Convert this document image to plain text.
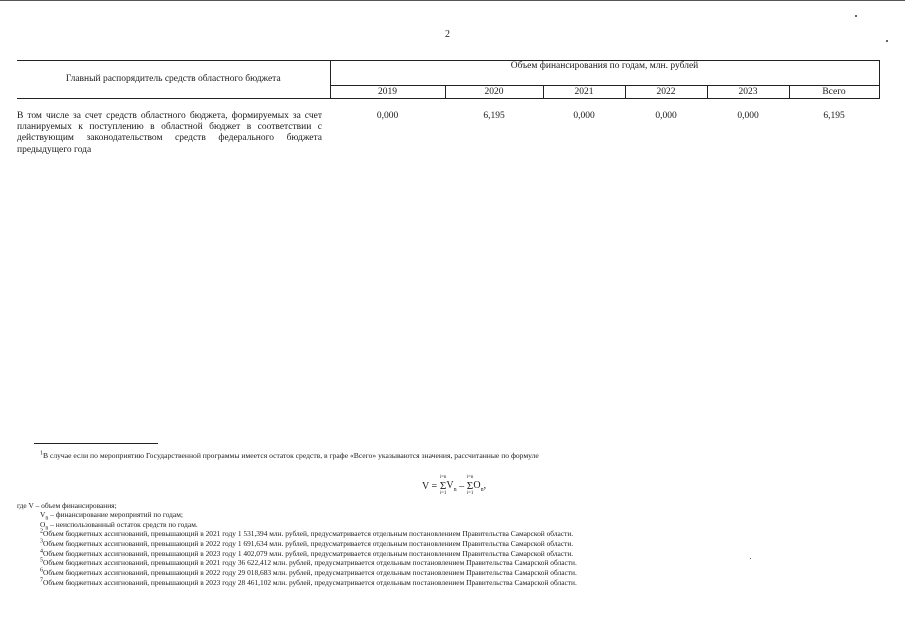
2
Главный распорядитель средств областного бюджета	Объем финансирования по годам, млн. рублей					
	2019	2020	2021	2022	2023	Всего
В том числе за счет средств областного бюджета, формируемых за счет планируемых к поступлению в областной бюджет в соответствии с действующим законодательством средств федерального бюджета предыдущего года	0,000	6,195	0,000	0,000	0,000	6,195
$^1$В случае если по мероприятию Государственной программы имеется остаток средств, в графе «Всего» указываются значения, рассчитанные по формуле
V =
i=n
Σ
i=1
$V_n$ –
i=n
Σ
i=1
$O_n$,
где V – объем финансирования;
$V_n$ – финансирование мероприятий по годам;
$O_n$ – неиспользованный остаток средств по годам.
$^2$Объем бюджетных ассигнований, превышающий в 2021 году 1 531,394 млн. рублей, предусматривается отдельным постановлением Правительства Самарской области.
$^3$Объем бюджетных ассигнований, превышающий в 2022 году 1 691,634 млн. рублей, предусматривается отдельным постановлением Правительства Самарской области.
$^4$Объем бюджетных ассигнований, превышающий в 2023 году 1 402,079 млн. рублей, предусматривается отдельным постановлением Правительства Самарской области.
$^5$Объем бюджетных ассигнований, превышающий в 2021 году 36 622,412 млн. рублей, предусматривается отдельным постановлением Правительства Самарской области.
$^6$Объем бюджетных ассигнований, превышающий в 2022 году 29 018,683 млн. рублей, предусматривается отдельным постановлением Правительства Самарской области.
$^7$Объем бюджетных ассигнований, превышающий в 2023 году 28 461,102 млн. рублей, предусматривается отдельным постановлением Правительства Самарской области.
